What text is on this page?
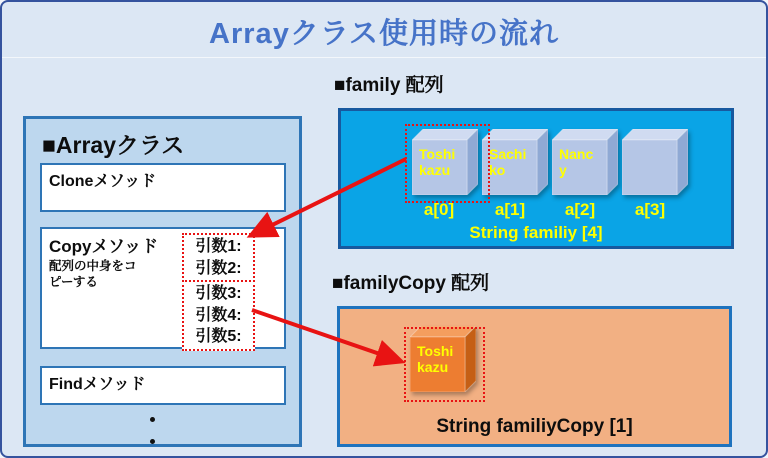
Arrayクラス使用時の流れ
■Arrayクラス
Cloneメソッド
Copyメソッド
配列の中身をコ
ピーする
引数1:
引数2:
引数3:
引数4:
引数5:
Findメソッド
■family 配列
Toshi
kazu
Sachi
ko
Nanc
y
a[0]	a[1]	a[2]	a[3]
String familiy [4]
■familyCopy 配列
Toshi
kazu
String familiyCopy [1]
